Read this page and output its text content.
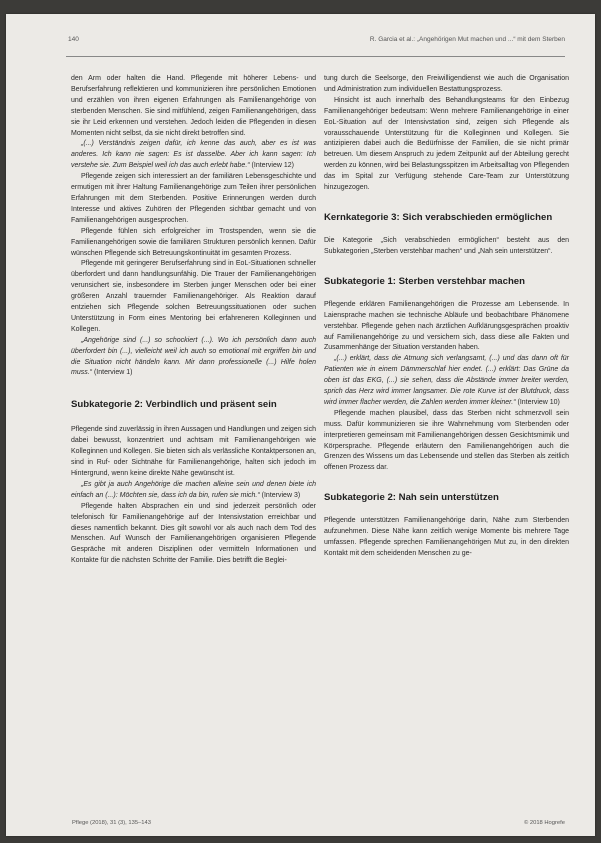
140	R. Garcia et al.: „Angehörigen Mut machen und ...“ mit dem Sterben

den Arm oder halten die Hand. Pflegende mit höherer Lebens- und Berufserfahrung reflektieren und kommunizieren ihre persönlichen Emotionen und erzählen von ihren eigenen Erfahrungen als Familienangehörige von sterbenden Menschen. Sie sind mitfühlend, zeigen Familienangehörigen, dass sie ihr Leid erkennen und verstehen. Jedoch leiden die Pflegenden in diesen Momenten nicht selbst, da sie nicht direkt betroffen sind.

„(...) Verständnis zeigen dafür, ich kenne das auch, aber es ist was anderes. Ich kann nie sagen: Es ist dasselbe. Aber ich kann sagen: Ich verstehe sie. Zum Beispiel weil ich das auch erlebt habe.“ (Interview 12)

Pflegende zeigen sich interessiert an der familiären Lebensgeschichte und ermutigen mit ihrer Haltung Familienangehörige zum Teilen ihrer persönlichen Erfahrungen mit dem Sterbenden. Positive Erinnerungen werden durch Interesse und aktives Zuhören der Pflegenden sichtbar gemacht und von Familienangehörigen ausgesprochen.

Pflegende fühlen sich erfolgreicher im Trostspenden, wenn sie die Familienangehörigen sowie die familiären Strukturen persönlich kennen. Dafür wünschen Pflegende sich Betreuungskontinuität im gesamten Prozess.

Pflegende mit geringerer Berufserfahrung sind in EoL-Situationen schneller überfordert und dann handlungsunfähig. Die Trauer der Familienangehörigen verunsichert sie, insbesondere im Sterben junger Menschen oder bei einer größeren Anzahl trauernder Familienangehöriger. Als Reaktion darauf entziehen sich Pflegende solchen Betreuungssituationen oder suchen Unterstützung in Form eines Mentoring bei erfahreneren Kolleginnen und Kollegen.

„Angehörige sind (...) so schockiert (...). Wo ich persönlich dann auch überfordert bin (...), vielleicht weil ich auch so emotional mit ergriffen bin und die Situation nicht händeln kann. Mir dann professionelle (...) Hilfe holen muss.“ (Interview 1)

Subkategorie 2: Verbindlich und präsent sein

Pflegende sind zuverlässig in ihren Aussagen und Handlungen und zeigen sich dabei bewusst, konzentriert und achtsam mit Familienangehörigen wie Kolleginnen und Kollegen. Sie bieten sich als verlässliche Kontaktpersonen an, sind in Ruf- oder Sichtnähe für Familienangehörige, halten sich jedoch im Hintergrund, wenn keine direkte Nähe gewünscht ist.

„Es gibt ja auch Angehörige die machen alleine sein und denen biete ich einfach an (...): Möchten sie, dass ich da bin, rufen sie mich.“ (Interview 3)

Pflegende halten Absprachen ein und sind jederzeit persönlich oder telefonisch für Familienangehörige auf der Intensivstation erreichbar und dieses namentlich bekannt. Dies gilt sowohl vor als auch nach dem Tod des Menschen. Auf Wunsch der Familienangehörigen organisieren Pflegende Gespräche mit anderen Disziplinen oder vermitteln Informationen und Kontakte für die nächsten Schritte der Familie. Dies betrifft die Beglei-

tung durch die Seelsorge, den Freiwilligendienst wie auch die Organisation und Administration zum individuellen Bestattungsprozess.

Hinsicht ist auch innerhalb des Behandlungsteams für den Einbezug Familienangehöriger bedeutsam: Wenn mehrere Familienangehörige in einer EoL-Situation auf der Intensivstation sind, zeigen sich Pflegende als vorausschauende Unterstützung für die Kolleginnen und Kollegen. Sie antizipieren dabei auch die Bedürfnisse der Familien, die sie nicht primär betreuen. Um diesem Anspruch zu jedem Zeitpunkt auf der Abteilung gerecht werden zu können, wird bei Belastungsspitzen im Arbeitsalltag von Pflegenden das im Spital zur Verfügung stehende Care-Team zur Unterstützung hinzugezogen.

Kernkategorie 3: Sich verabschieden ermöglichen

Die Kategorie „Sich verabschieden ermöglichen“ besteht aus den Subkategorien „Sterben verstehbar machen“ und „Nah sein unterstützen“.

Subkategorie 1: Sterben verstehbar machen

Pflegende erklären Familienangehörigen die Prozesse am Lebensende. In Laiensprache machen sie technische Abläufe und beobachtbare Phänomene verstehbar. Pflegende gehen nach ärztlichen Aufklärungsgesprächen proaktiv auf Familienangehörige zu und versichern sich, dass diese alle Fakten und Zusammenhänge der Situation verstanden haben.

„(...) erklärt, dass die Atmung sich verlangsamt, (...) und das dann oft für Patienten wie in einem Dämmerschlaf hier endet. (...) erklärt: Das Grüne da oben ist das EKG, (...) sie sehen, dass die Abstände immer breiter werden, sprich das Herz wird immer langsamer. Die rote Kurve ist der Blutdruck, dass wird immer flacher werden, die Zahlen werden immer kleiner.“ (Interview 10)

Pflegende machen plausibel, dass das Sterben nicht schmerzvoll sein muss. Dafür kommunizieren sie ihre Wahrnehmung vom Sterbenden oder interpretieren gemeinsam mit Familienangehörigen dessen Gesichtsmimik und Körpersprache. Pflegende erläutern den Familienangehörigen auch die Grenzen des Wissens um das Lebensende und stellen das Sterben als zeitlich offenen Prozess dar.

Subkategorie 2: Nah sein unterstützen

Pflegende unterstützen Familienangehörige darin, Nähe zum Sterbenden aufzunehmen. Diese Nähe kann zeitlich wenige Momente bis mehrere Tage umfassen. Pflegende sprechen Familienangehörigen Mut zu, in den direkten Kontakt mit dem scheidenden Menschen zu ge-

Pflege (2018), 31 (3), 135–143	© 2018 Hogrefe
